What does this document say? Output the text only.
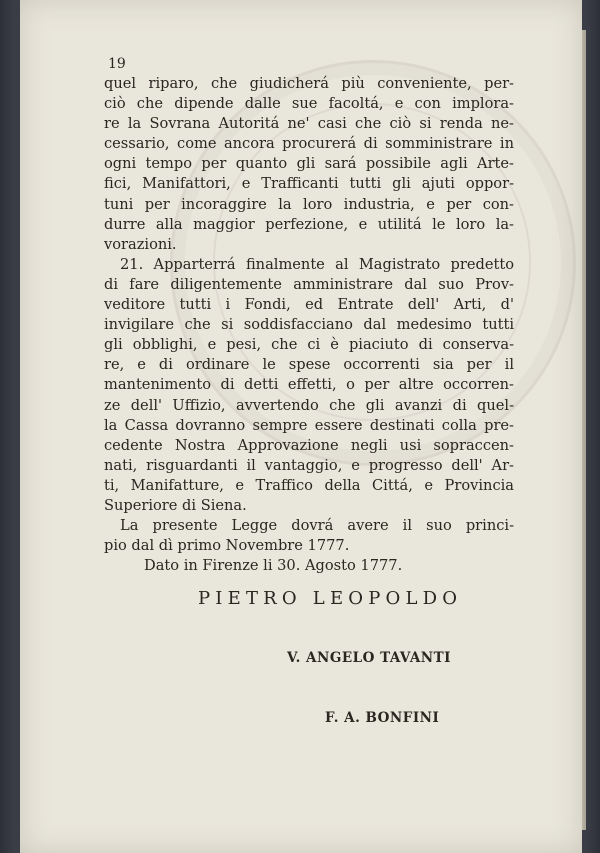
19
quel riparo, che giudicherá più conveniente, per-
ciò che dipende dalle sue facoltá, e con implora-
re la Sovrana Autoritá ne' casi che ciò si renda ne-
cessario, come ancora procurerá di somministrare in
ogni tempo per quanto gli sará possibile agli Arte-
fici, Manifattori, e Trafficanti tutti gli ajuti oppor-
tuni per incoraggire la loro industria, e per con-
durre alla maggior perfezione, e utilitá le loro la-
vorazioni.
21. Apparterrá finalmente al Magistrato predetto
di fare diligentemente amministrare dal suo Prov-
veditore tutti i Fondi, ed Entrate dell' Arti, d'
invigilare che si soddisfacciano dal medesimo tutti
gli obblighi, e pesi, che ci è piaciuto di conserva-
re, e di ordinare le spese occorrenti sia per il
mantenimento di detti effetti, o per altre occorren-
ze dell' Uffizio, avvertendo che gli avanzi di quel-
la Cassa dovranno sempre essere destinati colla pre-
cedente Nostra Approvazione negli usi sopraccen-
nati, risguardanti il vantaggio, e progresso dell' Ar-
ti, Manifatture, e Traffico della Cittá, e Provincia
Superiore di Siena.
La presente Legge dovrá avere il suo princi-
pio dal dì primo Novembre 1777.
Dato in Firenze li 30. Agosto 1777.
PIETRO LEOPOLDO
V. ANGELO TAVANTI
F. A. BONFINI
